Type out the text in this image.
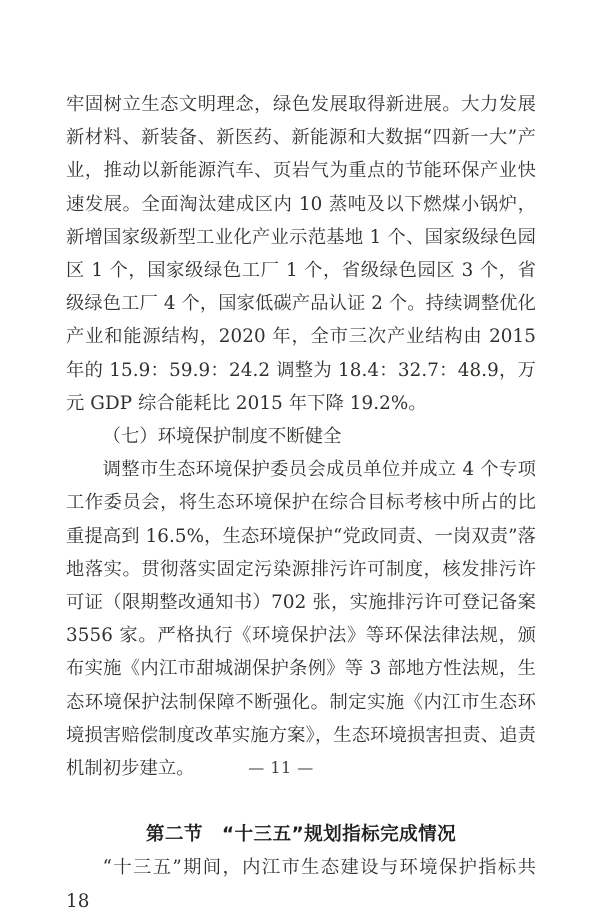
牢固树立生态文明理念，绿色发展取得新进展。大力发展新材料、新装备、新医药、新能源和大数据“四新一大”产业，推动以新能源汽车、页岩气为重点的节能环保产业快速发展。全面淘汰建成区内 10 蒸吨及以下燃煤小锅炉，新增国家级新型工业化产业示范基地 1 个、国家级绿色园区 1 个，国家级绿色工厂 1 个，省级绿色园区 3 个，省级绿色工厂 4 个，国家低碳产品认证 2 个。持续调整优化产业和能源结构，2020 年，全市三次产业结构由 2015 年的 15.9：59.9：24.2 调整为 18.4：32.7：48.9，万元 GDP 综合能耗比 2015 年下降 19.2%。

（七）环境保护制度不断健全

调整市生态环境保护委员会成员单位并成立 4 个专项工作委员会，将生态环境保护在综合目标考核中所占的比重提高到 16.5%，生态环境保护“党政同责、一岗双责”落地落实。贯彻落实固定污染源排污许可制度，核发排污许可证（限期整改通知书）702 张，实施排污许可登记备案 3556 家。严格执行《环境保护法》等环保法律法规，颁布实施《内江市甜城湖保护条例》等 3 部地方性法规，生态环境保护法制保障不断强化。制定实施《内江市生态环境损害赔偿制度改革实施方案》，生态环境损害担责、追责机制初步建立。

第二节　“十三五”规划指标完成情况

“十三五”期间，内江市生态建设与环境保护指标共 18

— 11 —
